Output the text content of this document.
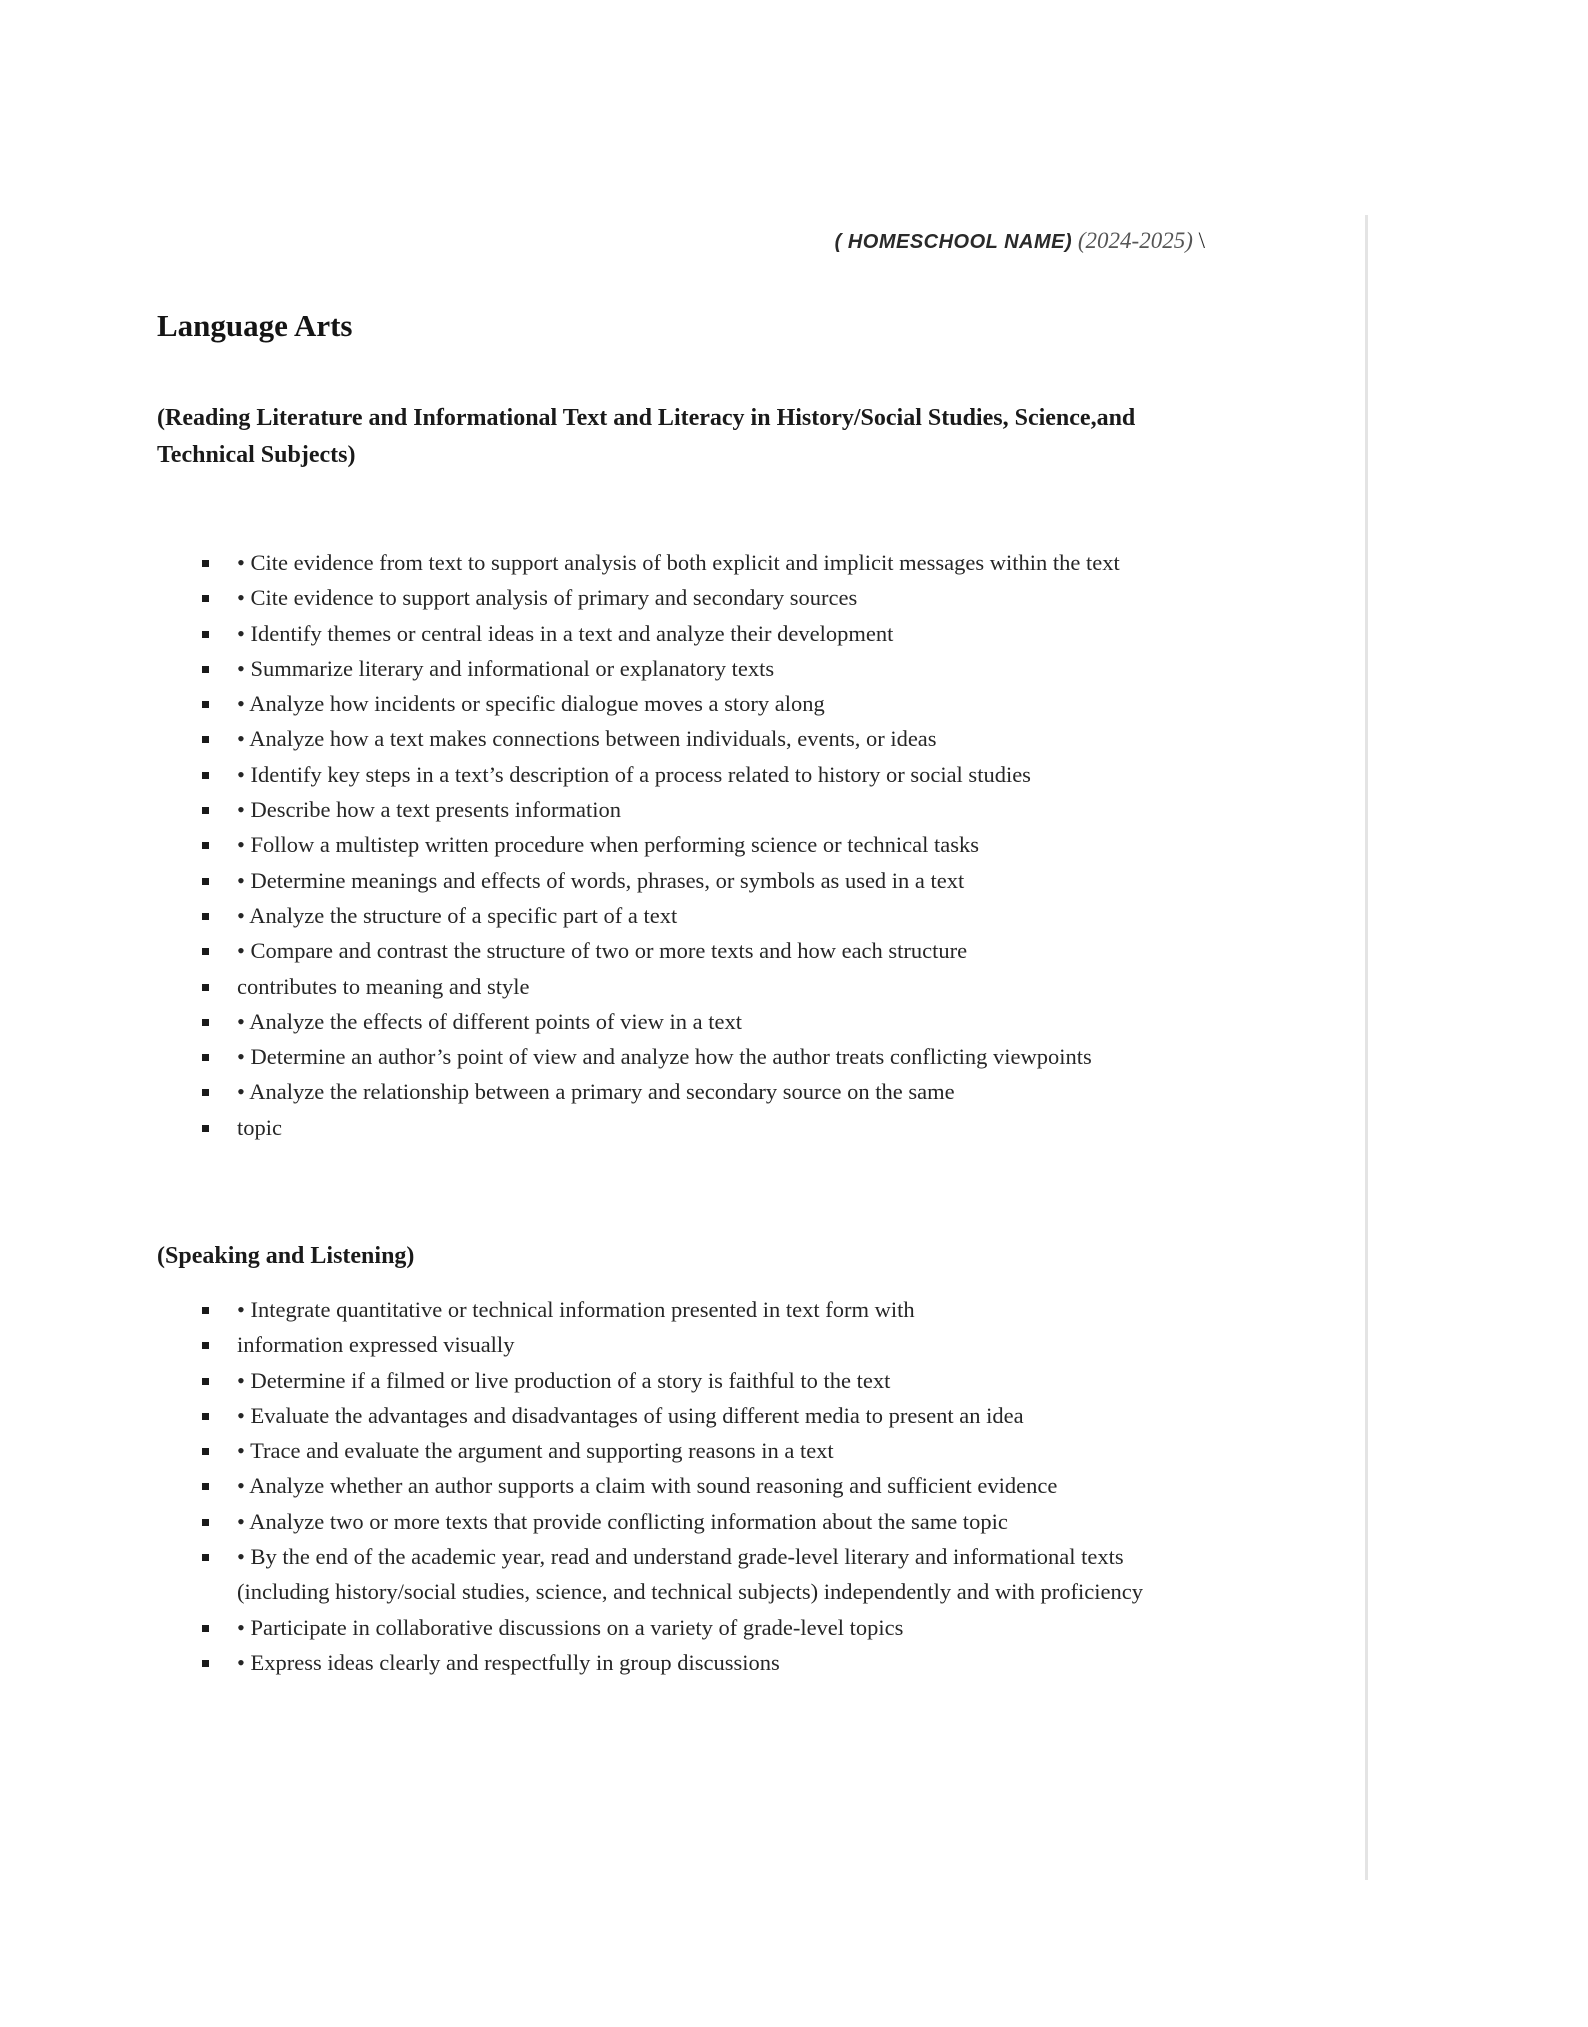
( HOMESCHOOL NAME) (2024-2025) \
Language Arts
(Reading Literature and Informational Text and Literacy in History/Social Studies, Science,and Technical Subjects)
• Cite evidence from text to support analysis of both explicit and implicit messages within the text
• Cite evidence to support analysis of primary and secondary sources
• Identify themes or central ideas in a text and analyze their development
• Summarize literary and informational or explanatory texts
• Analyze how incidents or specific dialogue moves a story along
• Analyze how a text makes connections between individuals, events, or ideas
• Identify key steps in a text’s description of a process related to history or social studies
• Describe how a text presents information
• Follow a multistep written procedure when performing science or technical tasks
• Determine meanings and effects of words, phrases, or symbols as used in a text
• Analyze the structure of a specific part of a text
• Compare and contrast the structure of two or more texts and how each structure
contributes to meaning and style
• Analyze the effects of different points of view in a text
• Determine an author’s point of view and analyze how the author treats conflicting viewpoints
• Analyze the relationship between a primary and secondary source on the same
topic
(Speaking and Listening)
• Integrate quantitative or technical information presented in text form with
information expressed visually
• Determine if a filmed or live production of a story is faithful to the text
• Evaluate the advantages and disadvantages of using different media to present an idea
• Trace and evaluate the argument and supporting reasons in a text
• Analyze whether an author supports a claim with sound reasoning and sufficient evidence
• Analyze two or more texts that provide conflicting information about the same topic
• By the end of the academic year, read and understand grade-level literary and informational texts (including history/social studies, science, and technical subjects) independently and with proficiency
• Participate in collaborative discussions on a variety of grade-level topics
• Express ideas clearly and respectfully in group discussions
